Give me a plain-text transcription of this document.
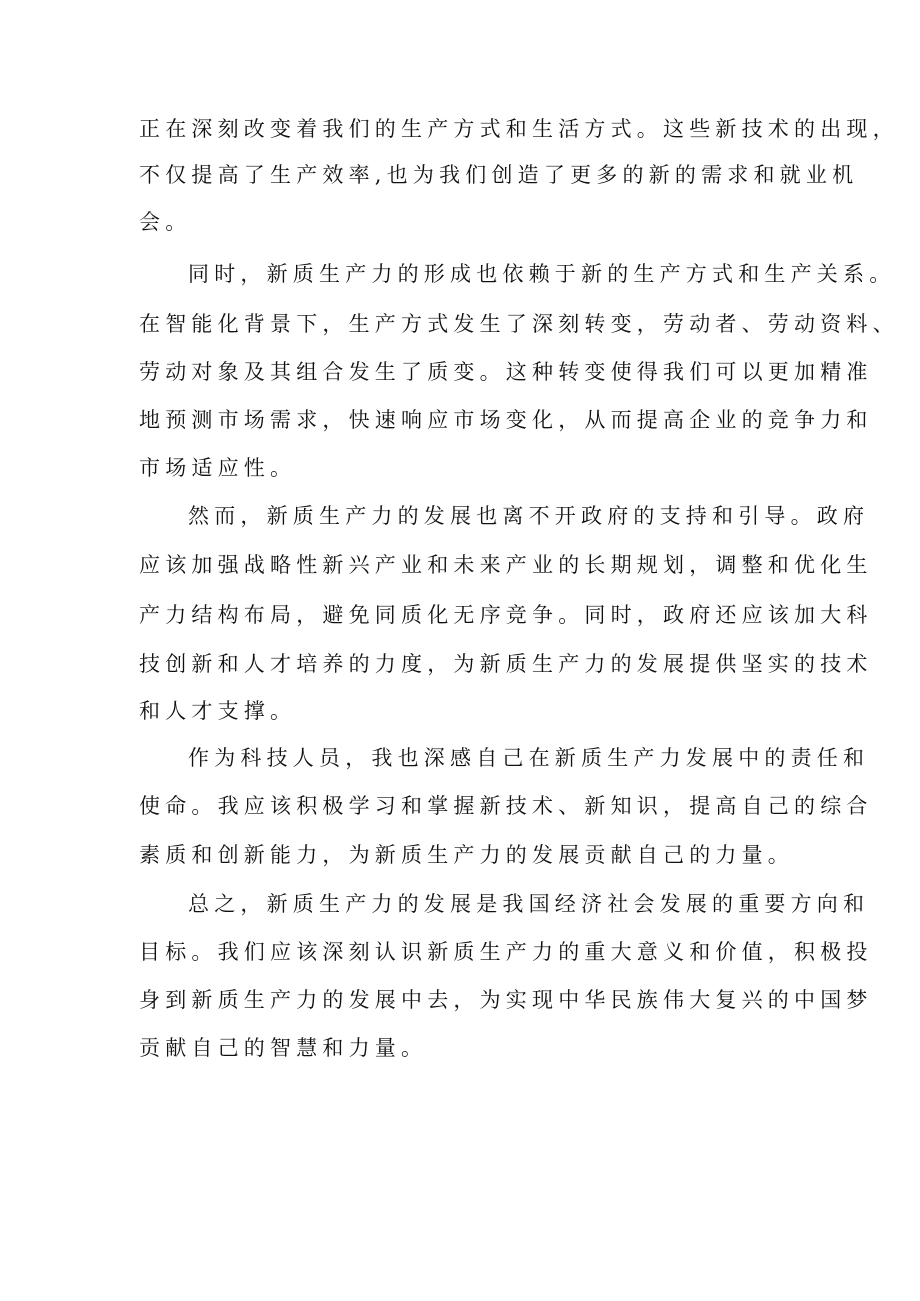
正在深刻改变着我们的生产方式和生活方式。这些新技术的出现，

不仅提高了生产效率,也为我们创造了更多的新的需求和就业机

会。

同时，新质生产力的形成也依赖于新的生产方式和生产关系。

在智能化背景下，生产方式发生了深刻转变，劳动者、劳动资料、

劳动对象及其组合发生了质变。这种转变使得我们可以更加精准

地预测市场需求，快速响应市场变化，从而提高企业的竞争力和

市场适应性。

然而，新质生产力的发展也离不开政府的支持和引导。政府

应该加强战略性新兴产业和未来产业的长期规划，调整和优化生

产力结构布局，避免同质化无序竞争。同时，政府还应该加大科

技创新和人才培养的力度，为新质生产力的发展提供坚实的技术

和人才支撑。

作为科技人员，我也深感自己在新质生产力发展中的责任和

使命。我应该积极学习和掌握新技术、新知识，提高自己的综合

素质和创新能力，为新质生产力的发展贡献自己的力量。

总之，新质生产力的发展是我国经济社会发展的重要方向和

目标。我们应该深刻认识新质生产力的重大意义和价值，积极投

身到新质生产力的发展中去，为实现中华民族伟大复兴的中国梦

贡献自己的智慧和力量。
